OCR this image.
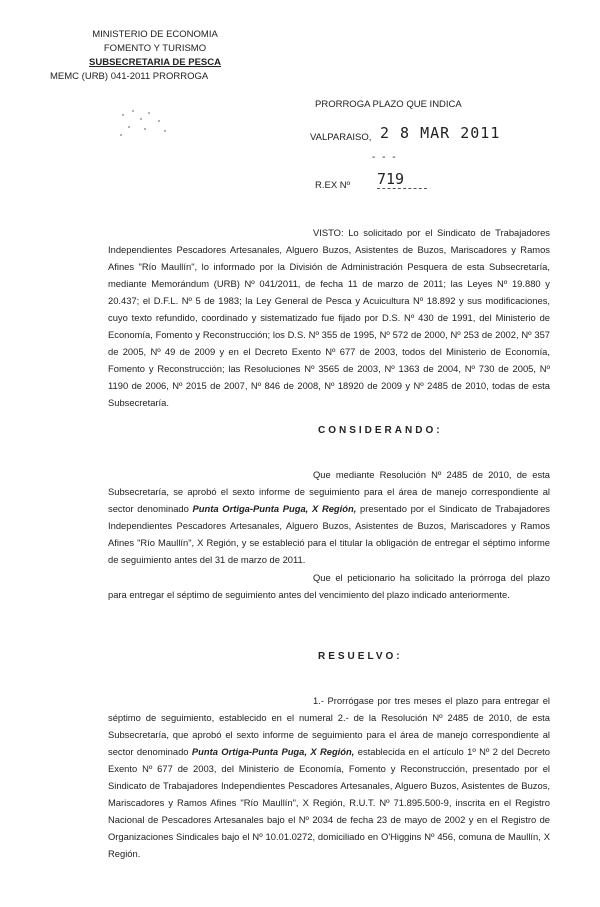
MINISTERIO DE ECONOMIA
FOMENTO Y TURISMO
SUBSECRETARIA DE PESCA
MEMC (URB) 041-2011 PRORROGA
PRORROGA PLAZO QUE INDICA
VALPARAISO, 2 8 MAR 2011
- - -
R.EX Nº 719

VISTO: Lo solicitado por el Sindicato de Trabajadores Independientes Pescadores Artesanales, Alguero Buzos, Asistentes de Buzos, Mariscadores y Ramos Afines "Río Maullín", lo informado por la División de Administración Pesquera de esta Subsecretaría, mediante Memorándum (URB) Nº 041/2011, de fecha 11 de marzo de 2011; las Leyes Nº 19.880 y 20.437; el D.F.L. Nº 5 de 1983; la Ley General de Pesca y Acuicultura Nº 18.892 y sus modificaciones, cuyo texto refundido, coordinado y sistematizado fue fijado por D.S. Nº 430 de 1991, del Ministerio de Economía, Fomento y Reconstrucción; los D.S. Nº 355 de 1995, Nº 572 de 2000, Nº 253 de 2002, Nº 357 de 2005, Nº 49 de 2009 y en el Decreto Exento Nº 677 de 2003, todos del Ministerio de Economía, Fomento y Reconstrucción; las Resoluciones Nº 3565 de 2003, Nº 1363 de 2004, Nº 730 de 2005, Nº 1190 de 2006, Nº 2015 de 2007, Nº 846 de 2008, Nº 18920 de 2009 y Nº 2485 de 2010, todas de esta Subsecretaría.

CONSIDERANDO:

Que mediante Resolución Nº 2485 de 2010, de esta Subsecretaría, se aprobó el sexto informe de seguimiento para el área de manejo correspondiente al sector denominado Punta Ortiga-Punta Puga, X Región, presentado por el Sindicato de Trabajadores Independientes Pescadores Artesanales, Alguero Buzos, Asistentes de Buzos, Mariscadores y Ramos Afines "Río Maullín", X Región, y se estableció para el titular la obligación de entregar el séptimo informe de seguimiento antes del 31 de marzo de 2011.

Que el peticionario ha solicitado la prórroga del plazo para entregar el séptimo de seguimiento antes del vencimiento del plazo indicado anteriormente.

RESUELVO:

1.- Prorrógase por tres meses el plazo para entregar el séptimo de seguimiento, establecido en el numeral 2.- de la Resolución Nº 2485 de 2010, de esta Subsecretaría, que aprobó el sexto informe de seguimiento para el área de manejo correspondiente al sector denominado Punta Ortiga-Punta Puga, X Región, establecida en el artículo 1º Nº 2 del Decreto Exento Nº 677 de 2003, del Ministerio de Economía, Fomento y Reconstrucción, presentado por el Sindicato de Trabajadores Independientes Pescadores Artesanales, Alguero Buzos, Asistentes de Buzos, Mariscadores y Ramos Afines "Río Maullín", X Región, R.U.T. Nº 71.895.500-9, inscrita en el Registro Nacional de Pescadores Artesanales bajo el Nº 2034 de fecha 23 de mayo de 2002 y en el Registro de Organizaciones Sindicales bajo el Nº 10.01.0272, domiciliado en O'Higgins Nº 456, comuna de Maullín, X Región.
